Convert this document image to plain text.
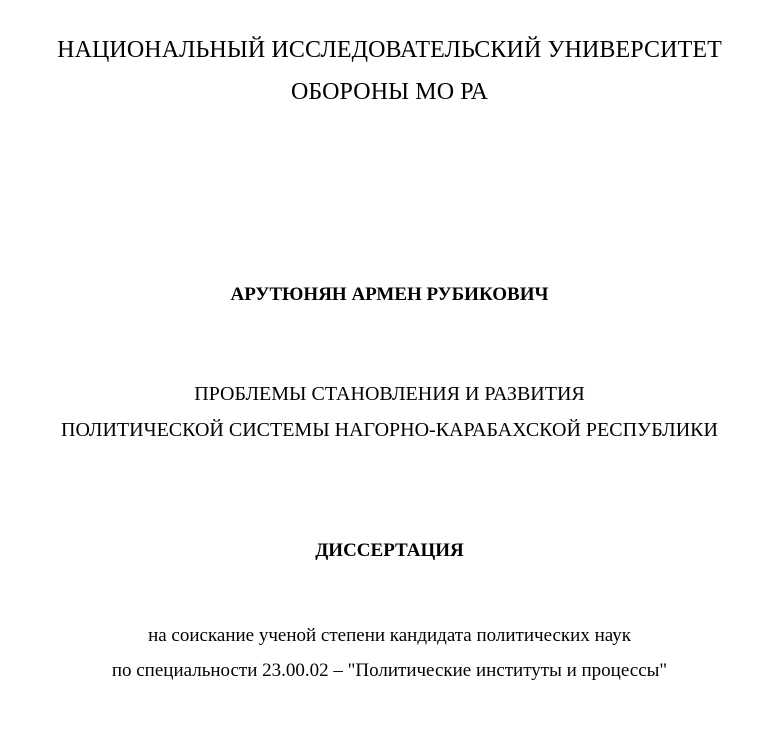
НАЦИОНАЛЬНЫЙ ИССЛЕДОВАТЕЛЬСКИЙ УНИВЕРСИТЕТ
ОБОРОНЫ МО РА
АРУТЮНЯН АРМЕН РУБИКОВИЧ
ПРОБЛЕМЫ СТАНОВЛЕНИЯ И РАЗВИТИЯ
ПОЛИТИЧЕСКОЙ СИСТЕМЫ НАГОРНО-КАРАБАХСКОЙ РЕСПУБЛИКИ
ДИССЕРТАЦИЯ
на соискание ученой степени кандидата политических наук
по специальности 23.00.02 – "Политические институты и процессы"
